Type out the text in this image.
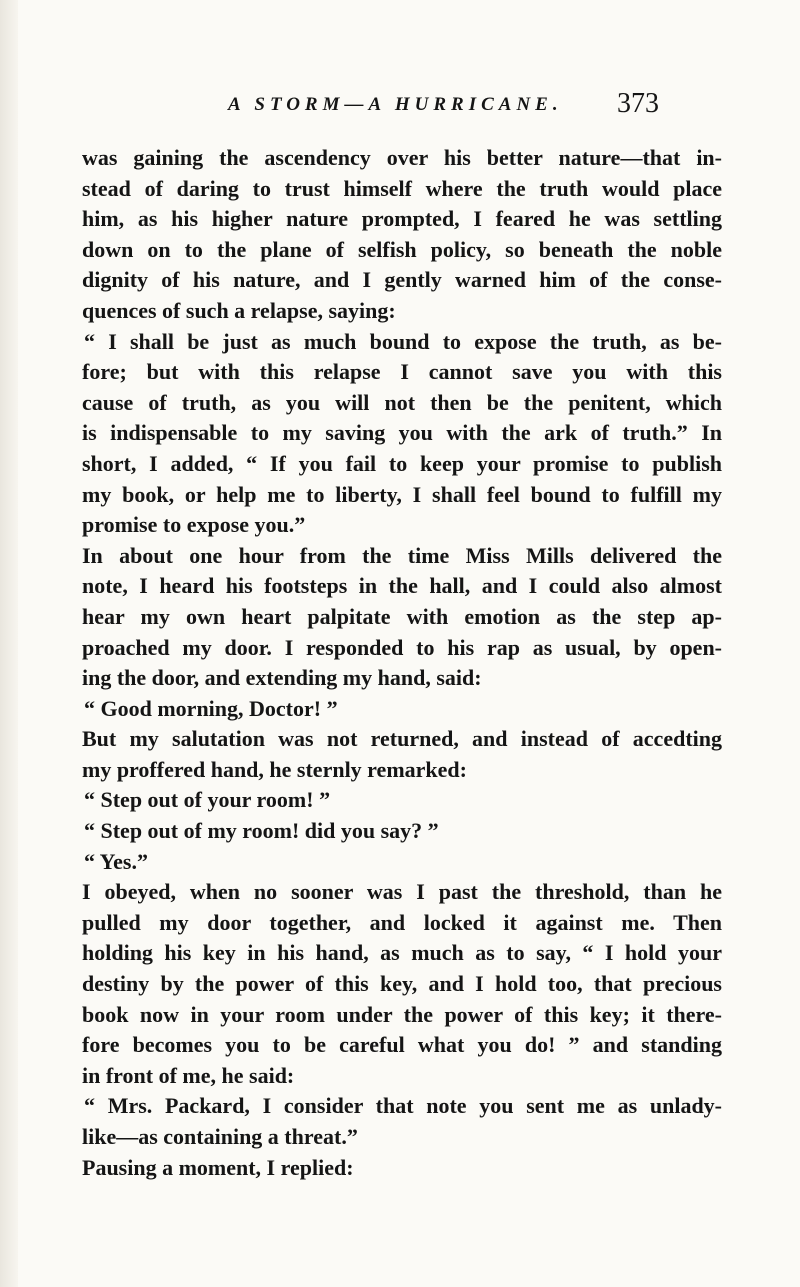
A STORM—A HURRICANE. 373
was gaining the ascendency over his better nature—that in-
stead of daring to trust himself where the truth would place
him, as his higher nature prompted, I feared he was settling
down on to the plane of selfish policy, so beneath the noble
dignity of his nature, and I gently warned him of the conse-
quences of such a relapse, saying:
“ I shall be just as much bound to expose the truth, as be-
fore; but with this relapse I cannot save you with this
cause of truth, as you will not then be the penitent, which
is indispensable to my saving you with the ark of truth.” In
short, I added, “ If you fail to keep your promise to publish
my book, or help me to liberty, I shall feel bound to fulfill my
promise to expose you.”
In about one hour from the time Miss Mills delivered the
note, I heard his footsteps in the hall, and I could also almost
hear my own heart palpitate with emotion as the step ap-
proached my door. I responded to his rap as usual, by open-
ing the door, and extending my hand, said:
“ Good morning, Doctor! ”
But my salutation was not returned, and instead of accedting
my proffered hand, he sternly remarked:
“ Step out of your room! ”
“ Step out of my room! did you say? ”
“ Yes.”
I obeyed, when no sooner was I past the threshold, than he
pulled my door together, and locked it against me. Then
holding his key in his hand, as much as to say, “ I hold your
destiny by the power of this key, and I hold too, that precious
book now in your room under the power of this key; it there-
fore becomes you to be careful what you do! ” and standing
in front of me, he said:
“ Mrs. Packard, I consider that note you sent me as unlady-
like—as containing a threat.”
Pausing a moment, I replied:
